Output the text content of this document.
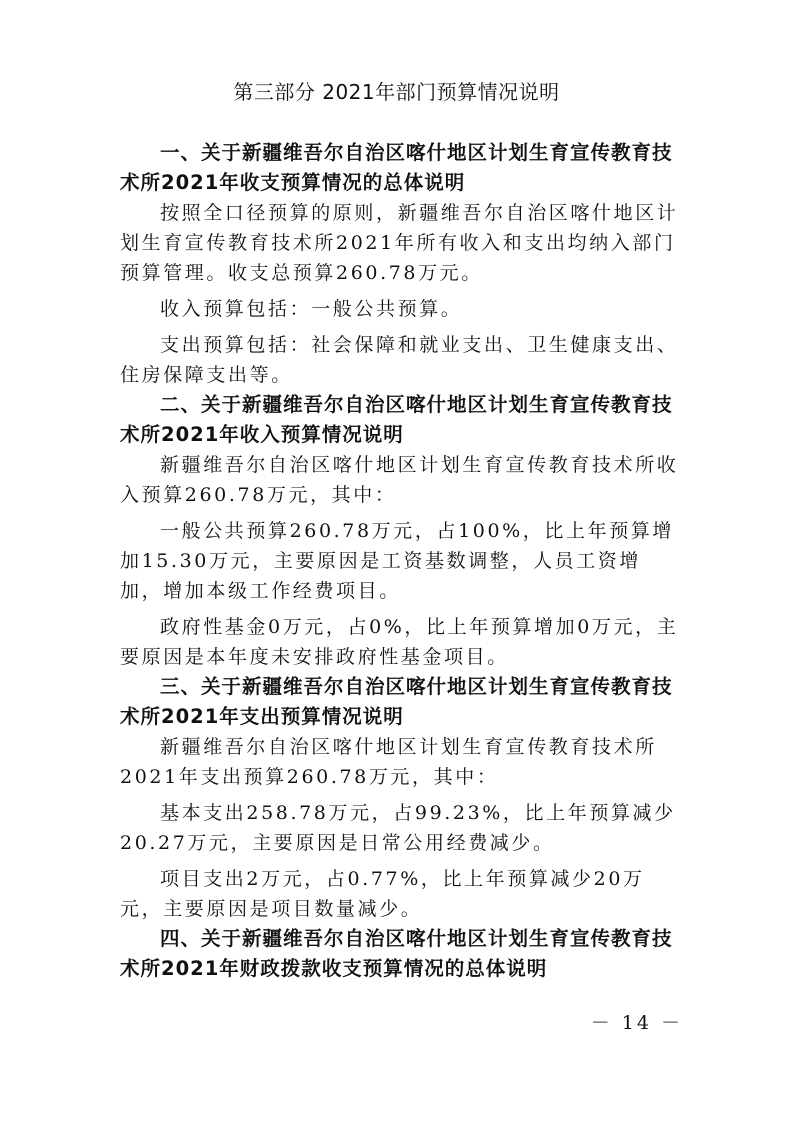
第三部分 2021年部门预算情况说明

一、关于新疆维吾尔自治区喀什地区计划生育宣传教育技术所2021年收支预算情况的总体说明

按照全口径预算的原则，新疆维吾尔自治区喀什地区计划生育宣传教育技术所2021年所有收入和支出均纳入部门预算管理。收支总预算260.78万元。

收入预算包括：一般公共预算。

支出预算包括：社会保障和就业支出、卫生健康支出、住房保障支出等。

二、关于新疆维吾尔自治区喀什地区计划生育宣传教育技术所2021年收入预算情况说明

新疆维吾尔自治区喀什地区计划生育宣传教育技术所收入预算260.78万元，其中：

一般公共预算260.78万元，占100%，比上年预算增加15.30万元，主要原因是工资基数调整，人员工资增加，增加本级工作经费项目。

政府性基金0万元，占0%，比上年预算增加0万元，主要原因是本年度未安排政府性基金项目。

三、关于新疆维吾尔自治区喀什地区计划生育宣传教育技术所2021年支出预算情况说明

新疆维吾尔自治区喀什地区计划生育宣传教育技术所2021年支出预算260.78万元，其中：

基本支出258.78万元，占99.23%，比上年预算减少20.27万元，主要原因是日常公用经费减少。

项目支出2万元，占0.77%，比上年预算减少20万元，主要原因是项目数量减少。

四、关于新疆维吾尔自治区喀什地区计划生育宣传教育技术所2021年财政拨款收支预算情况的总体说明

－ 14 －
